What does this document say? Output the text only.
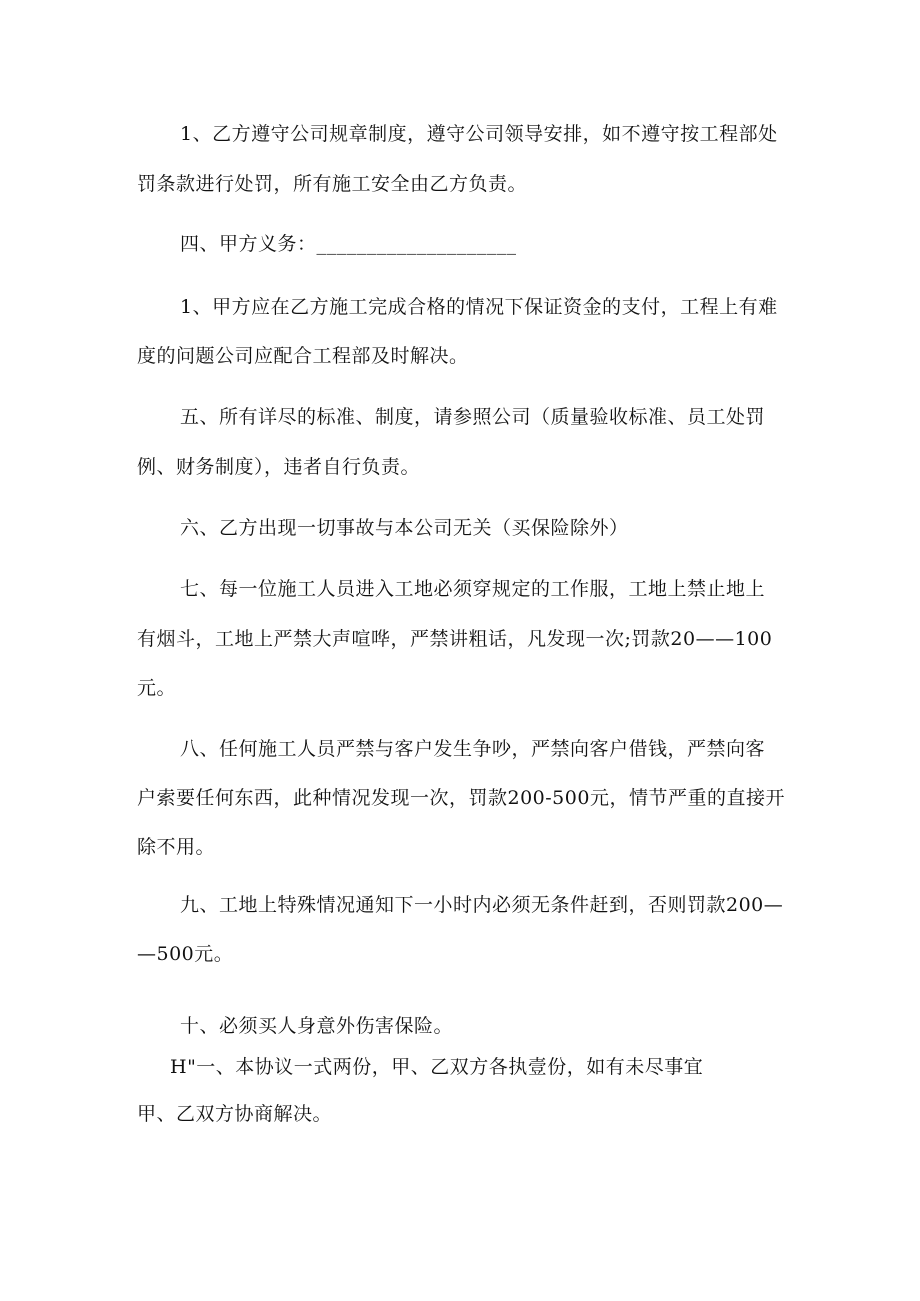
1、乙方遵守公司规章制度，遵守公司领导安排，如不遵守按工程部处
罚条款进行处罚，所有施工安全由乙方负责。
四、甲方义务：____________________
1、甲方应在乙方施工完成合格的情况下保证资金的支付，工程上有难
度的问题公司应配合工程部及时解决。
五、所有详尽的标准、制度，请参照公司（质量验收标准、员工处罚
例、财务制度），违者自行负责。
六、乙方出现一切事故与本公司无关（买保险除外）
七、每一位施工人员进入工地必须穿规定的工作服，工地上禁止地上
有烟斗，工地上严禁大声喧哗，严禁讲粗话，凡发现一次;罚款20——100
元。
八、任何施工人员严禁与客户发生争吵，严禁向客户借钱，严禁向客
户索要任何东西，此种情况发现一次，罚款200-500元，情节严重的直接开
除不用。
九、工地上特殊情况通知下一小时内必须无条件赶到，否则罚款200—
—500元。
十、必须买人身意外伤害保险。
H"一、本协议一式两份，甲、乙双方各执壹份，如有未尽事宜
甲、乙双方协商解决。
